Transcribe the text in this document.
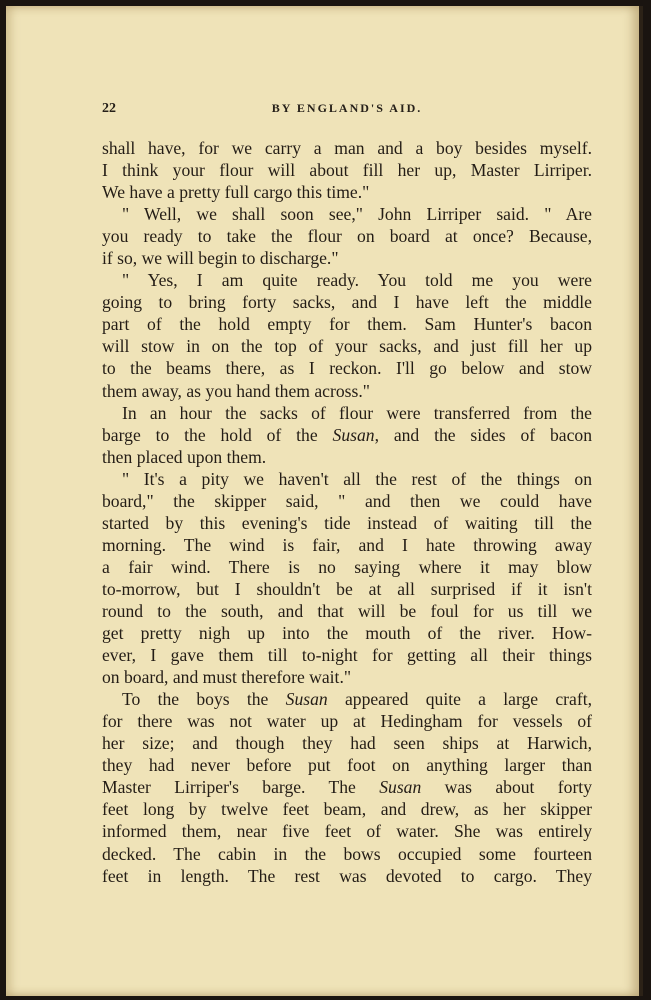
22	BY ENGLAND'S AID.
shall have, for we carry a man and a boy besides myself.
I think your flour will about fill her up, Master Lirriper.
We have a pretty full cargo this time."
" Well, we shall soon see," John Lirriper said. " Are
you ready to take the flour on board at once? Because,
if so, we will begin to discharge."
" Yes, I am quite ready. You told me you were
going to bring forty sacks, and I have left the middle
part of the hold empty for them. Sam Hunter's bacon
will stow in on the top of your sacks, and just fill her up
to the beams there, as I reckon. I'll go below and stow
them away, as you hand them across."
In an hour the sacks of flour were transferred from the
barge to the hold of the Susan, and the sides of bacon
then placed upon them.
" It's a pity we haven't all the rest of the things on
board," the skipper said, " and then we could have
started by this evening's tide instead of waiting till the
morning. The wind is fair, and I hate throwing away
a fair wind. There is no saying where it may blow
to-morrow, but I shouldn't be at all surprised if it isn't
round to the south, and that will be foul for us till we
get pretty nigh up into the mouth of the river. How-
ever, I gave them till to-night for getting all their things
on board, and must therefore wait."
To the boys the Susan appeared quite a large craft,
for there was not water up at Hedingham for vessels of
her size; and though they had seen ships at Harwich,
they had never before put foot on anything larger than
Master Lirriper's barge. The Susan was about forty
feet long by twelve feet beam, and drew, as her skipper
informed them, near five feet of water. She was entirely
decked. The cabin in the bows occupied some fourteen
feet in length. The rest was devoted to cargo. They
